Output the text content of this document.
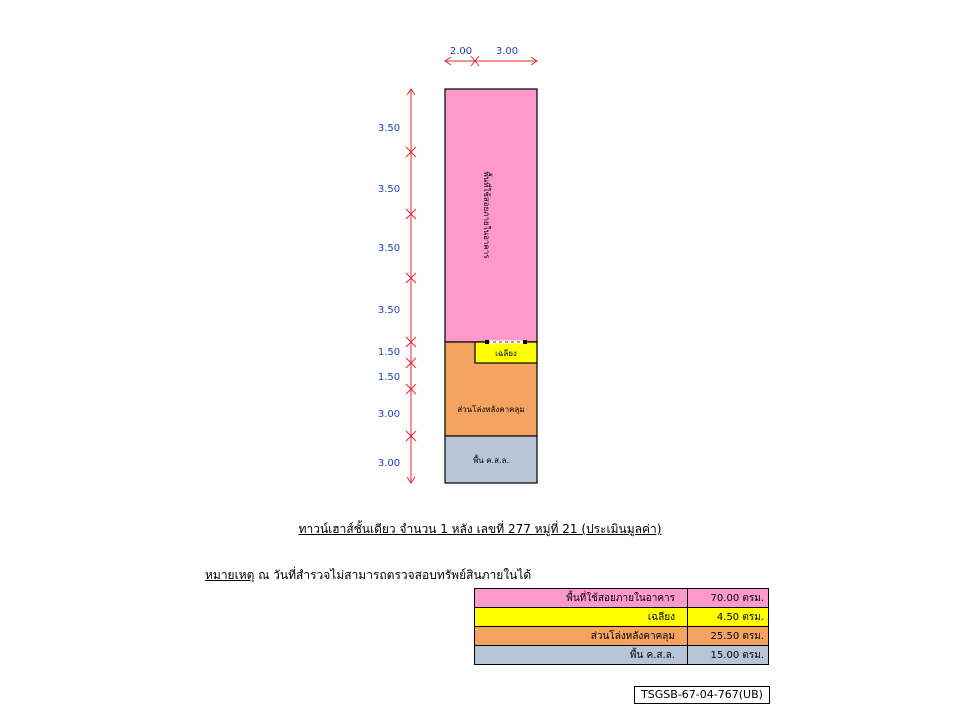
พื้นที่ใช้สอยภายในอาคาร
เฉลียง
ส่วนโล่งหลังคาคลุม
พื้น ค.ส.ล.
2.00 3.00
3.50
3.50
3.50
3.50
1.50
1.50
3.00
3.00
ทาวน์เฮาส์ชั้นเดียว จำนวน 1 หลัง เลขที่ 277 หมู่ที่ 21 (ประเมินมูลค่า)
หมายเหตุ ณ วันที่สำรวจไม่สามารถตรวจสอบทรัพย์สินภายในได้
พื้นที่ใช้สอยภายในอาคาร	70.00 ตรม.
เฉลียง	4.50 ตรม.
ส่วนโล่งหลังคาคลุม	25.50 ตรม.
พื้น ค.ส.ล.	15.00 ตรม.
TSGSB-67-04-767(UB)
